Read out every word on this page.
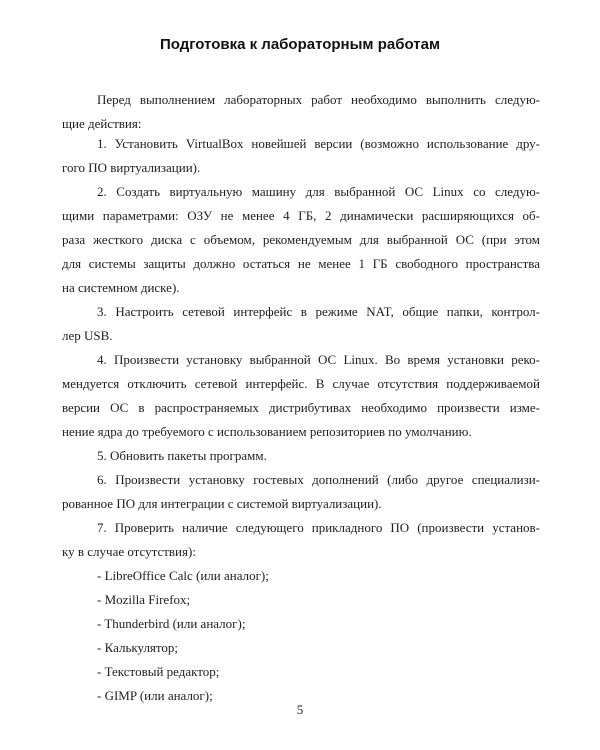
Подготовка к лабораторным работам
Перед выполнением лабораторных работ необходимо выполнить следую-
щие действия:
1. Установить VirtualBox новейшей версии (возможно использование дру-
гого ПО виртуализации).
2. Создать виртуальную машину для выбранной ОС Linux со следую-
щими параметрами: ОЗУ не менее 4 ГБ, 2 динамически расширяющихся об-
раза жесткого диска с объемом, рекомендуемым для выбранной ОС (при этом
для системы защиты должно остаться не менее 1 ГБ свободного пространства
на системном диске).
3. Настроить сетевой интерфейс в режиме NAT, общие папки, контрол-
лер USB.
4. Произвести установку выбранной ОС Linux. Во время установки реко-
мендуется отключить сетевой интерфейс. В случае отсутствия поддерживаемой
версии ОС в распространяемых дистрибутивах необходимо произвести изме-
нение ядра до требуемого с использованием репозиториев по умолчанию.
5. Обновить пакеты программ.
6. Произвести установку гостевых дополнений (либо другое специализи-
рованное ПО для интеграции с системой виртуализации).
7. Проверить наличие следующего прикладного ПО (произвести установ-
ку в случае отсутствия):
- LibreOffice Calc (или аналог);
- Mozilla Firefox;
- Thunderbird (или аналог);
- Калькулятор;
- Текстовый редактор;
- GIMP (или аналог);
5
